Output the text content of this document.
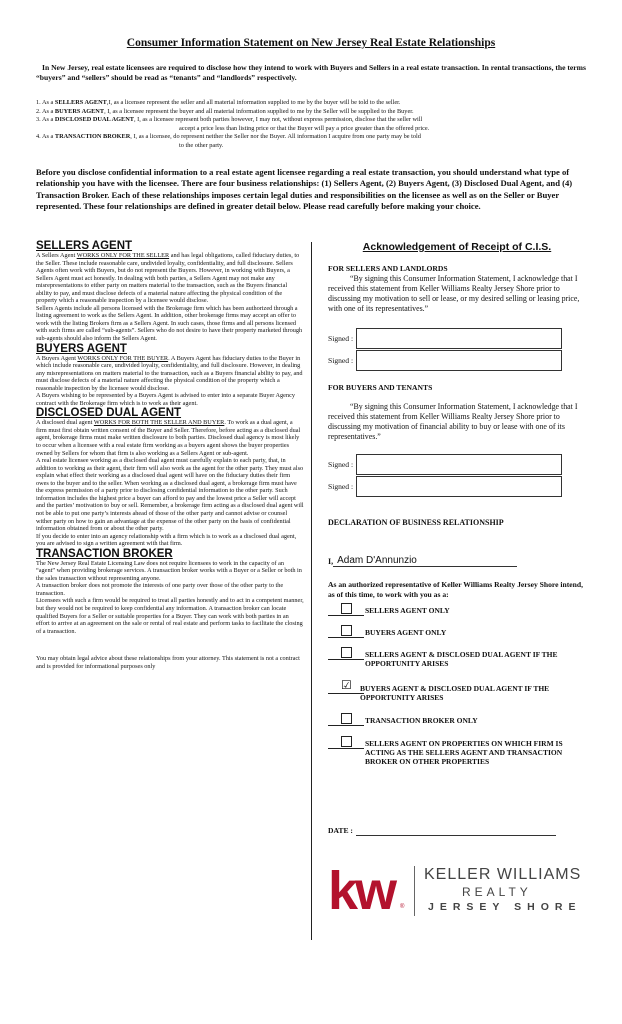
Consumer Information Statement on New Jersey Real Estate Relationships
In New Jersey, real estate licensees are required to disclose how they intend to work with Buyers and Sellers in a real estate transaction. In rental transactions, the terms “buyers” and “sellers” should be read as “tenants” and “landlords” respectively.
1. As a SELLERS AGENT,I, as a licensee represent the seller and all material information supplied to me by the buyer will be told to the seller.
2. As a BUYERS AGENT, I, as a licensee represent the buyer and all material information supplied to me by the Seller will be supplied to the Buyer.
3. As a DISCLOSED DUAL AGENT, I, as a licensee represent both parties however, I may not, without express permission, disclose that the seller will
accept a price less than listing price or that the Buyer will pay a price greater than the offered price.
4. As a TRANSACTION BROKER, I, as a licensee, do represent neither the Seller nor the Buyer. All information I acquire from one party may be told
to the other party.
Before you disclose confidential information to a real estate agent licensee regarding a real estate transaction, you should understand what type of relationship you have with the licensee. There are four business relationships: (1) Sellers Agent, (2) Buyers Agent, (3) Disclosed Dual Agent, and (4) Transaction Broker. Each of these relationships imposes certain legal duties and responsibilities on the licensee as well as on the Seller or Buyer represented. These four relationships are defined in greater detail below. Please read carefully before making your choice.
SELLERS AGENT

A Sellers Agent WORKS ONLY FOR THE SELLER and has legal obligations, called fiduciary duties, to the Seller. These include reasonable care, undivided loyalty, confidentiality, and full disclosure. Sellers Agents often work with Buyers, but do not represent the Buyers. However, in working with Buyers, a Sellers Agent must act honestly. In dealing with both parties, a Sellers Agent may not make any misrepresentations to either party on matters material to the transaction, such as the Buyers financial ability to pay, and must disclose defects of a material nature affecting the physical condition of the property which a reasonable inspection by a licensee would disclose.

Sellers Agents include all persons licensed with the Brokerage firm which has been authorized through a listing agreement to work as the Sellers Agent. In addition, other brokerage firms may accept an offer to work with the listing Brokers firm as a Sellers Agent. In such cases, those firms and all persons licensed with such firms are called “sub-agents”. Sellers who do not desire to have their property marketed through sub-agents should also inform the Sellers Agent.

BUYERS AGENT

A Buyers Agent WORKS ONLY FOR THE BUYER. A Buyers Agent has fiduciary duties to the Buyer in which include reasonable care, undivided loyalty, confidentiality, and full disclosure. However, in dealing any misrepresentations on matters material to the transaction, such as a Buyers financial ability to pay, and must disclose defects of a material nature affecting the physical condition of the property which a reasonable inspection by the licensee would disclose.

A Buyers wishing to be represented by a Buyers Agent is advised to enter into a separate Buyer Agency contract with the Brokerage firm which is to work as their agent.

DISCLOSED DUAL AGENT

A disclosed dual agent WORKS FOR BOTH THE SELLER AND BUYER. To work as a dual agent, a firm must first obtain written consent of the Buyer and Seller. Therefore, before acting as a disclosed dual agent, brokerage firms must make written disclosure to both parties. Disclosed dual agency is most likely to occur when a licensee with a real estate firm working as a buyers agent shows the buyer properties owned by Sellers for whom that firm is also working as a Sellers Agent or sub-agent.

A real estate licensee working as a disclosed dual agent must carefully explain to each party, that, in addition to working as their agent, their firm will also work as the agent for the other party. They must also explain what effect their working as a disclosed dual agent will have on the fiduciary duties their firm owes to the buyer and to the seller. When working as a disclosed dual agent, a brokerage firm must have the express permission of a party prior to disclosing confidential information to the other party. Such information includes the highest price a buyer can afford to pay and the lowest price a Seller will accept and the parties’ motivation to buy or sell. Remember, a brokerage firm acting as a disclosed dual agent will not be able to put one party’s interests ahead of those of the other party and cannot advise or counsel wither party on how to gain an advantage at the expense of the other party on the basis of confidential information obtained from or about the other party.

If you decide to enter into an agency relationship with a firm which is to work as a disclosed dual agent, you are advised to sign a written agreement with that firm.

TRANSACTION BROKER

The New Jersey Real Estate Licensing Law does not require licensees to work in the capacity of an “agent” when providing brokerage services. A transaction broker works with a Buyer or a Seller or both in the sales transaction without representing anyone.

A transaction broker does not promote the interests of one party over those of the other party to the transaction.

Licensees with such a firm would be required to treat all parties honestly and to act in a competent manner, but they would not be required to keep confidential any information. A transaction broker can locate qualified Buyers for a Seller or suitable properties for a Buyer. They can work with both parties in an effort to arrive at an agreement on the sale or rental of real estate and perform tasks to facilitate the closing of a transaction.

You may obtain legal advice about these relationships from your attorney. This statement is not a contract and is provided for informational purposes only

Acknowledgement of Receipt of C.I.S.
FOR SELLERS AND LANDLORDS
“By signing this Consumer Information Statement, I acknowledge that I received this statement from Keller Williams Realty Jersey Shore prior to discussing my motivation to sell or lease, or my desired selling or leasing price, with one of its representatives.”
Signed :
Signed :
FOR BUYERS AND TENANTS
“By signing this Consumer Information Statement, I acknowledge that I received this statement from Keller Williams Realty Jersey Shore prior to discussing my motivation of financial ability to buy or lease with one of its representatives.”
Signed :
Signed :
DECLARATION OF BUSINESS RELATIONSHIP
I, Adam D'Annunzio
As an authorized representative of Keller Williams Realty Jersey Shore intend, as of this time, to work with you as a:
SELLERS AGENT ONLY
BUYERS AGENT ONLY
SELLERS AGENT & DISCLOSED DUAL AGENT IF THE OPPORTUNITY ARISES
☑ BUYERS AGENT & DISCLOSED DUAL AGENT IF THE OPPORTUNITY ARISES
TRANSACTION BROKER ONLY
SELLERS AGENT ON PROPERTIES ON WHICH FIRM IS ACTING AS THE SELLERS AGENT AND TRANSACTION BROKER ON OTHER PROPERTIES
DATE :
kw ®
KELLER WILLIAMS
REALTY
JERSEY SHORE
